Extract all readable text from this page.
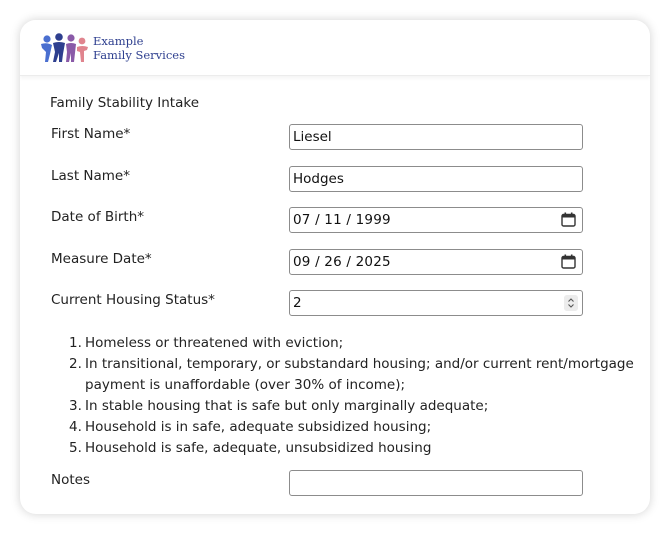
Example
Family Services
Family Stability Intake
First Name*	Liesel
Last Name*	Hodges
Date of Birth*	07 / 11 / 1999
Measure Date*	09 / 26 / 2025
Current Housing Status*	2
1. Homeless or threatened with eviction;
2. In transitional, temporary, or substandard housing; and/or current rent/mortgage payment is unaffordable (over 30% of income);
3. In stable housing that is safe but only marginally adequate;
4. Household is in safe, adequate subsidized housing;
5. Household is safe, adequate, unsubsidized housing
Notes
